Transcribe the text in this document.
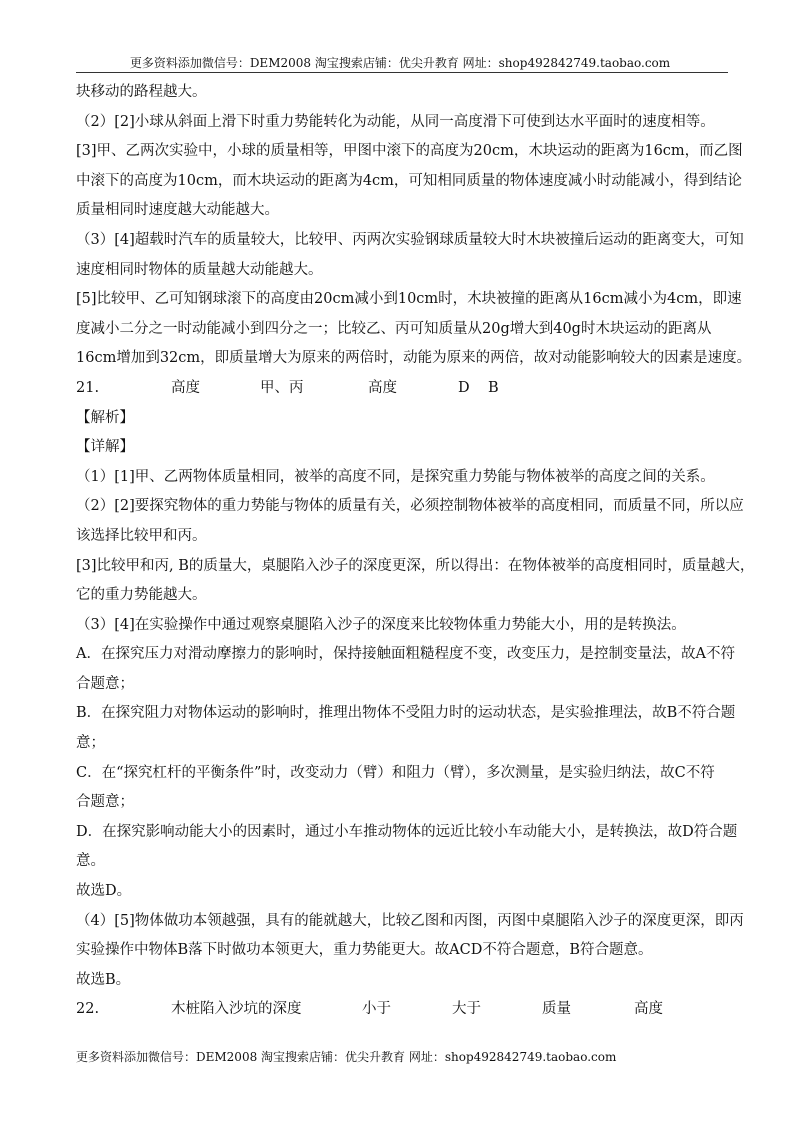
更多资料添加微信号：DEM2008 淘宝搜索店铺：优尖升教育 网址：shop492842749.taobao.com
块移动的路程越大。
（2）[2]小球从斜面上滑下时重力势能转化为动能，从同一高度滑下可使到达水平面时的速度相等。
[3]甲、乙两次实验中，小球的质量相等，甲图中滚下的高度为20cm，木块运动的距离为16cm，而乙图
中滚下的高度为10cm，而木块运动的距离为4cm，可知相同质量的物体速度减小时动能减小，得到结论
质量相同时速度越大动能越大。
（3）[4]超载时汽车的质量较大，比较甲、丙两次实验钢球质量较大时木块被撞后运动的距离变大，可知
速度相同时物体的质量越大动能越大。
[5]比较甲、乙可知钢球滚下的高度由20cm减小到10cm时，木块被撞的距离从16cm减小为4cm，即速
度减小二分之一时动能减小到四分之一；比较乙、丙可知质量从20g增大到40g时木块运动的距离从
16cm增加到32cm，即质量增大为原来的两倍时，动能为原来的两倍，故对动能影响较大的因素是速度。
21.	高度	甲、丙	高度	D B
【解析】
【详解】
（1）[1]甲、乙两物体质量相同，被举的高度不同，是探究重力势能与物体被举的高度之间的关系。
（2）[2]要探究物体的重力势能与物体的质量有关，必须控制物体被举的高度相同，而质量不同，所以应
该选择比较甲和丙。
[3]比较甲和丙, B的质量大，桌腿陷入沙子的深度更深，所以得出：在物体被举的高度相同时，质量越大，
它的重力势能越大。
（3）[4]在实验操作中通过观察桌腿陷入沙子的深度来比较物体重力势能大小，用的是转换法。
A．在探究压力对滑动摩擦力的影响时，保持接触面粗糙程度不变，改变压力，是控制变量法，故A不符
合题意；
B．在探究阻力对物体运动的影响时，推理出物体不受阻力时的运动状态，是实验推理法，故B不符合题
意；
C．在“探究杠杆的平衡条件”时，改变动力（臂）和阻力（臂），多次测量，是实验归纳法，故C不符
合题意；
D．在探究影响动能大小的因素时，通过小车推动物体的远近比较小车动能大小，是转换法，故D符合题
意。
故选D。
（4）[5]物体做功本领越强，具有的能就越大，比较乙图和丙图，丙图中桌腿陷入沙子的深度更深，即丙
实验操作中物体B落下时做功本领更大，重力势能更大。故ACD不符合题意，B符合题意。
故选B。
22.	木桩陷入沙坑的深度	小于	大于	质量	高度
更多资料添加微信号：DEM2008 淘宝搜索店铺：优尖升教育 网址：shop492842749.taobao.com
